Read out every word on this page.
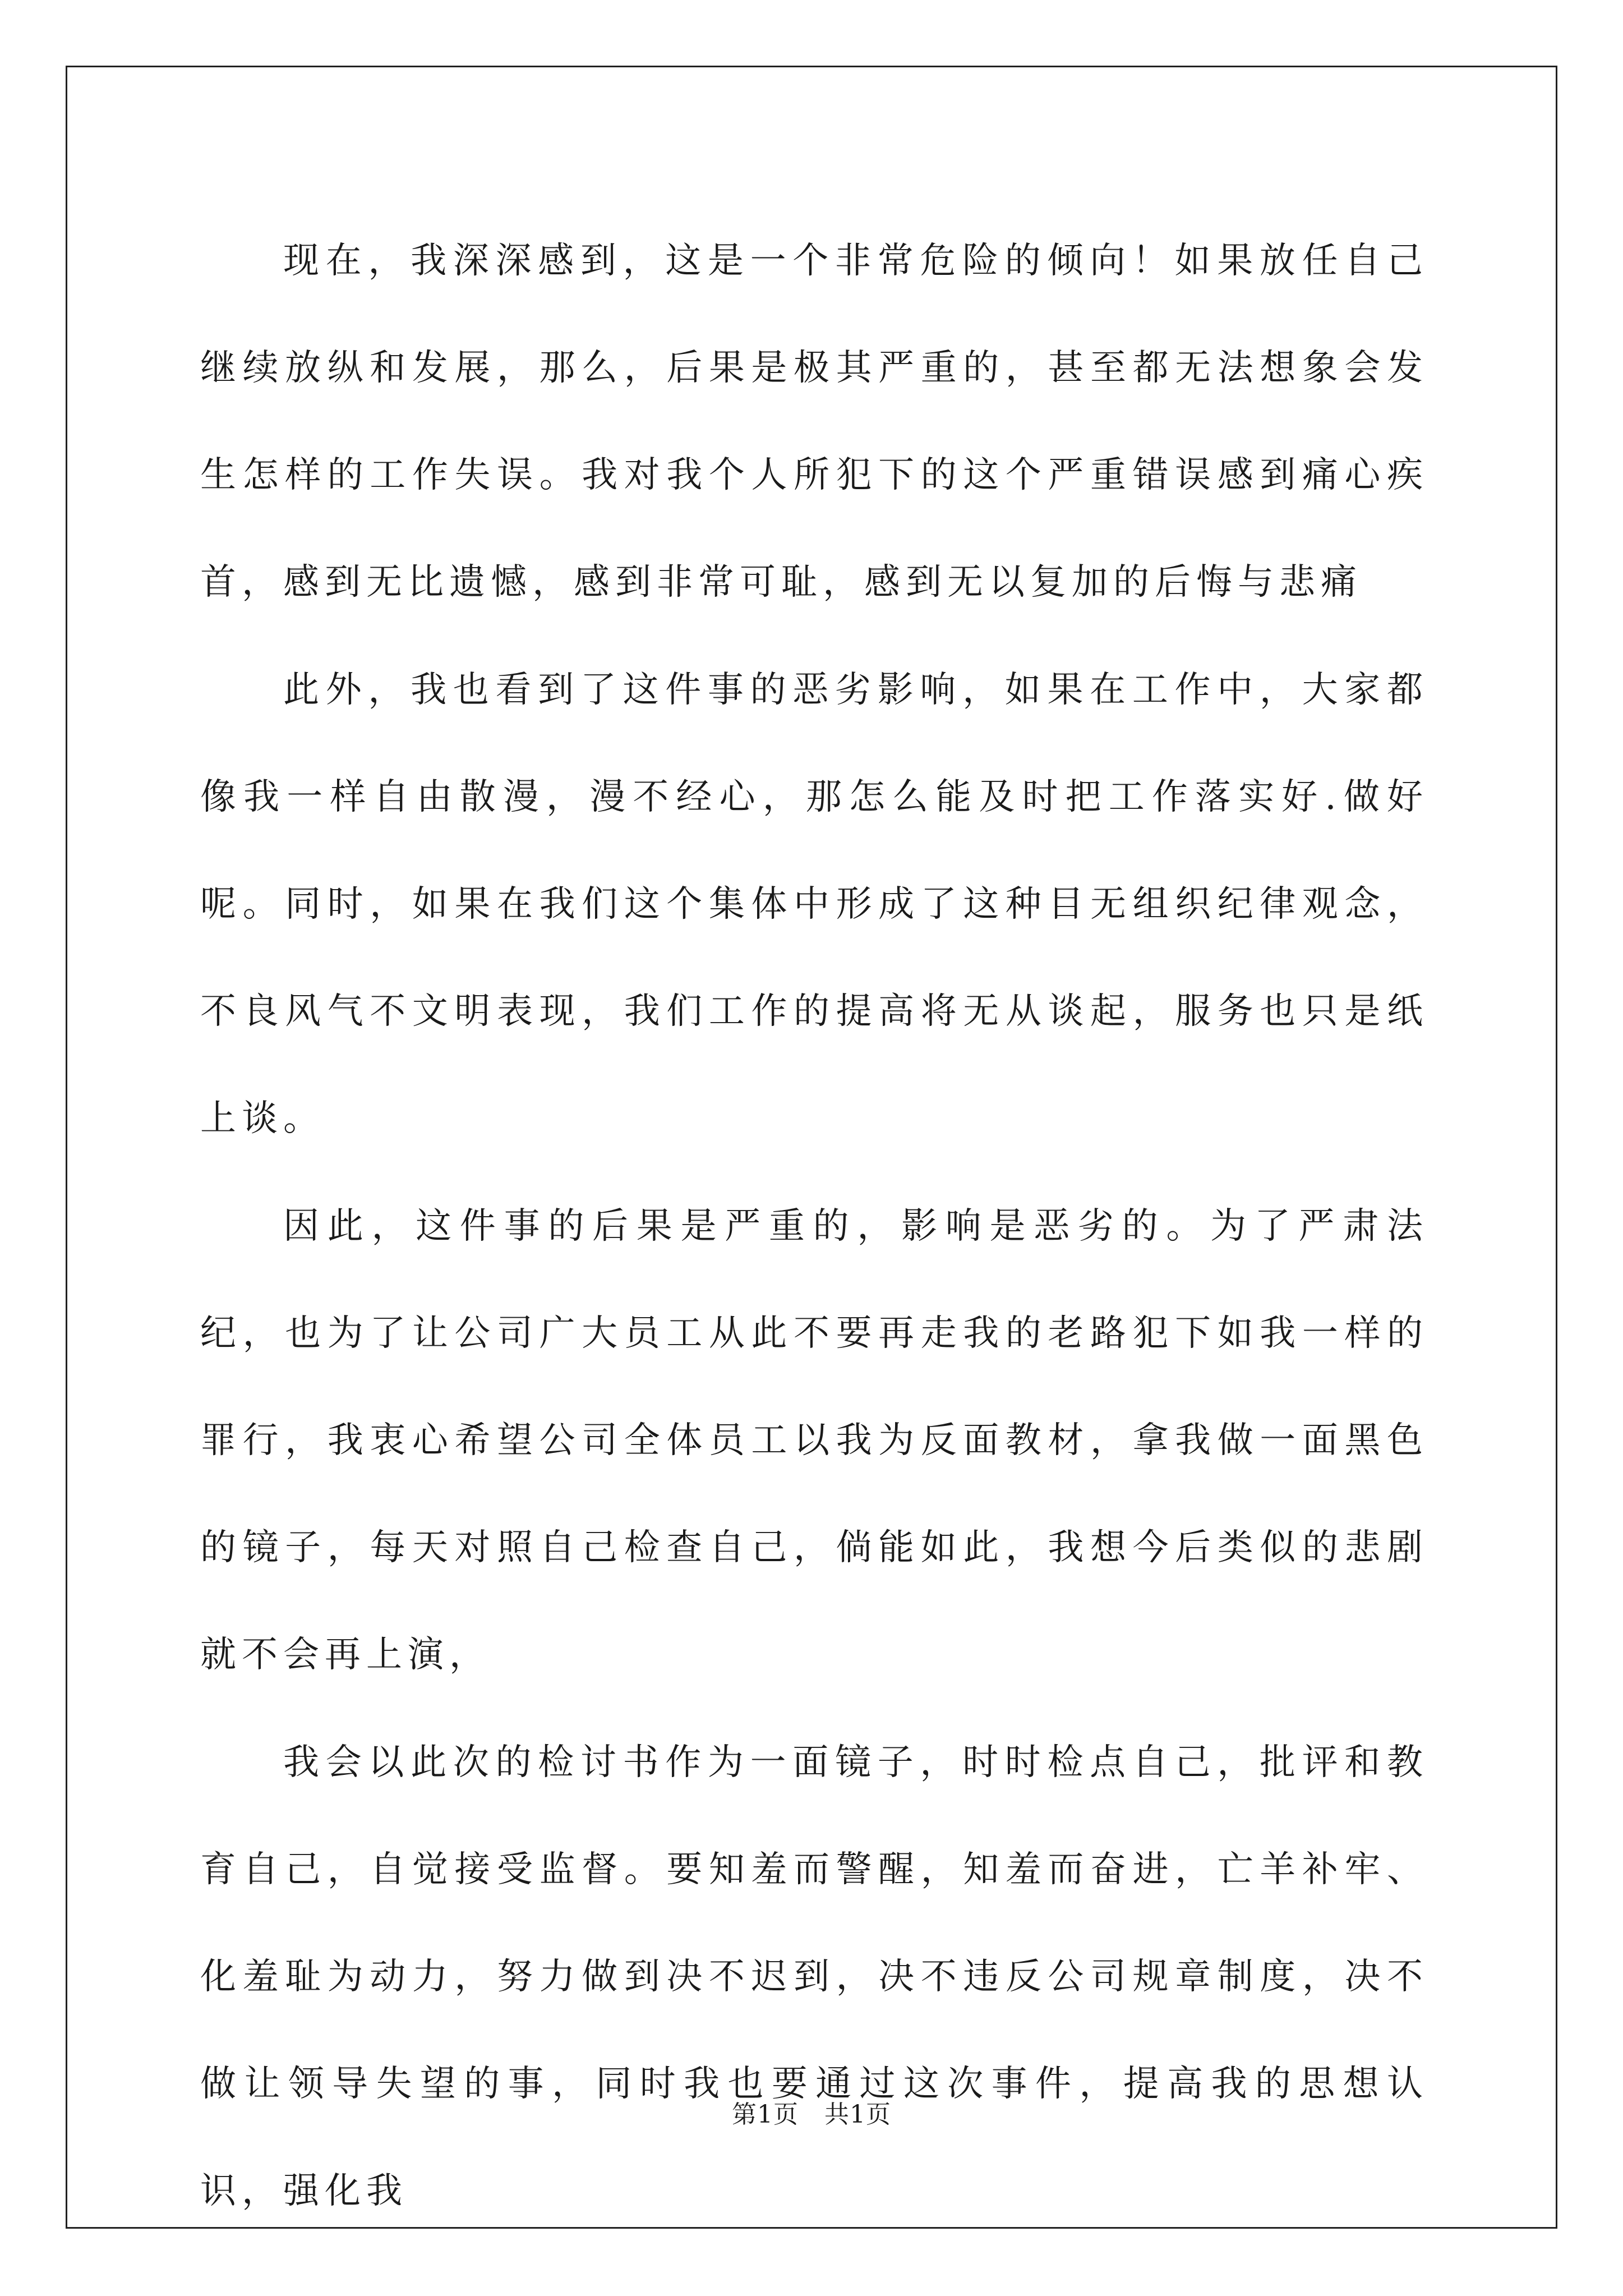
现在，我深深感到，这是一个非常危险的倾向！如果放任自己继续放纵和发展，那么，后果是极其严重的，甚至都无法想象会发生怎样的工作失误。我对我个人所犯下的这个严重错误感到痛心疾首，感到无比遗憾，感到非常可耻，感到无以复加的后悔与悲痛

此外，我也看到了这件事的恶劣影响，如果在工作中，大家都像我一样自由散漫，漫不经心，那怎么能及时把工作落实好.做好呢。同时，如果在我们这个集体中形成了这种目无组织纪律观念，不良风气不文明表现，我们工作的提高将无从谈起，服务也只是纸上谈。

因此，这件事的后果是严重的，影响是恶劣的。为了严肃法纪，也为了让公司广大员工从此不要再走我的老路犯下如我一样的罪行，我衷心希望公司全体员工以我为反面教材，拿我做一面黑色的镜子，每天对照自己检查自己，倘能如此，我想今后类似的悲剧就不会再上演，

我会以此次的检讨书作为一面镜子，时时检点自己，批评和教育自己，自觉接受监督。要知羞而警醒，知羞而奋进，亡羊补牢、化羞耻为动力，努力做到决不迟到，决不违反公司规章制度，决不做让领导失望的事，同时我也要通过这次事件，提高我的思想认识，强化我

第1页 共1页
